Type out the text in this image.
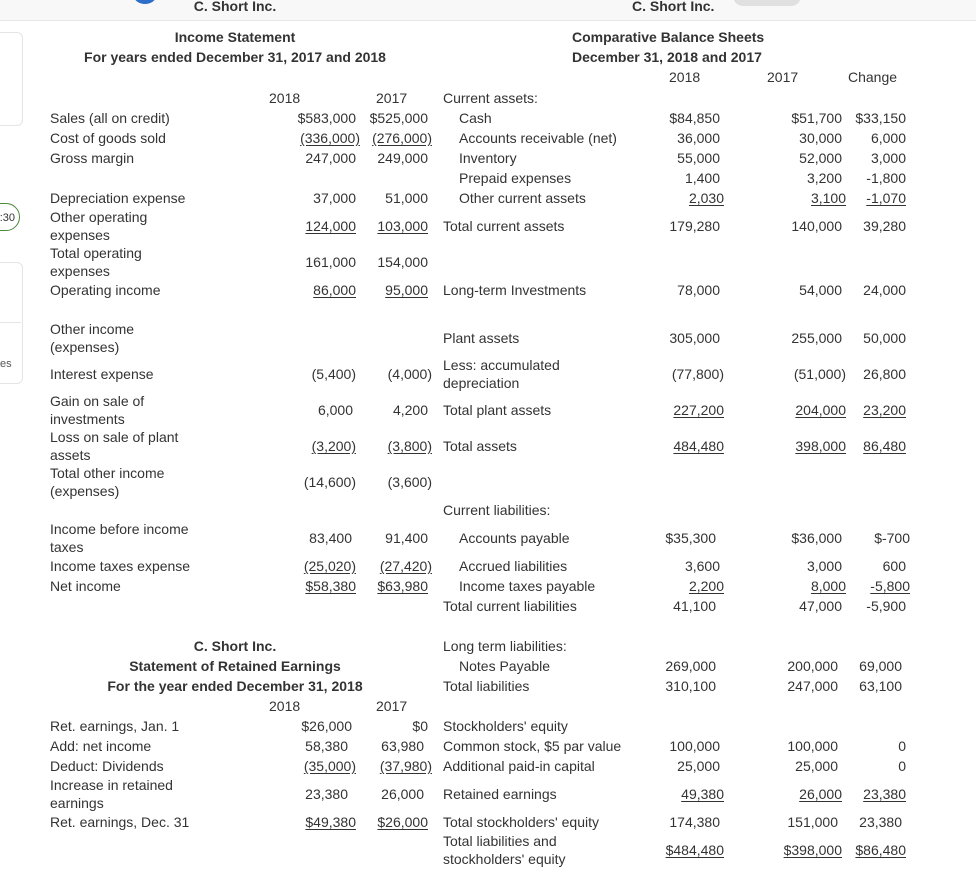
:30
es
C. Short Inc.
Income Statement
For years ended December 31, 2017 and 2018
2018	2017
Sales (all on credit)	$583,000 $525,000
Cost of goods sold	(336,000) (276,000)
Gross margin	247,000	249,000
Depreciation expense	37,000	51,000
Other operating expenses
124,000	103,000
Total operating expenses
161,000	154,000
Operating income	86,000	95,000
Other income (expenses)
Interest expense	(5,400)	(4,000)
Gain on sale of investments
6,000	4,200
Loss on sale of plant assets
(3,200)	(3,800)
Total other income (expenses)
(14,600)	(3,600)
Income before income taxes
83,400	91,400
Income taxes expense	(25,020)	(27,420)
Net income	$58,380	$63,980
C. Short Inc.
Statement of Retained Earnings
For the year ended December 31, 2018
2018	2017
Ret. earnings, Jan. 1	$26,000	$0
Add: net income	58,380	63,980
Deduct: Dividends	(35,000)	(37,980)
Increase in retained earnings
23,380	26,000
Ret. earnings, Dec. 31	$49,380	$26,000
C. Short Inc.
Comparative Balance Sheets
December 31, 2018 and 2017
2018	2017	Change
Current assets:
Cash	$84,850	$51,700 $33,150
Accounts receivable (net)	36,000	30,000	6,000
Inventory	55,000	52,000	3,000
Prepaid expenses	1,400	3,200	-1,800
Other current assets	2,030	3,100	-1,070
Total current assets	179,280	140,000	39,280
Long-term Investments	78,000	54,000	24,000
Plant assets	305,000	255,000	50,000
Less: accumulated depreciation
(77,800)	(51,000)	26,800
Total plant assets	227,200	204,000	23,200
Total assets	484,480	398,000	86,480
Current liabilities:
Accounts payable	$35,300	$36,000	$-700
Accrued liabilities	3,600	3,000	600
Income taxes payable	2,200	8,000	-5,800
Total current liabilities	41,100	47,000	-5,900
Long term liabilities:
Notes Payable	269,000	200,000	69,000
Total liabilities	310,100	247,000	63,100
Stockholders' equity
Common stock, $5 par value	100,000	100,000	0
Additional paid-in capital	25,000	25,000	0
Retained earnings	49,380	26,000	23,380
Total stockholders' equity	174,380	151,000	23,380
Total liabilities and stockholders' equity
$484,480	$398,000 $86,480
